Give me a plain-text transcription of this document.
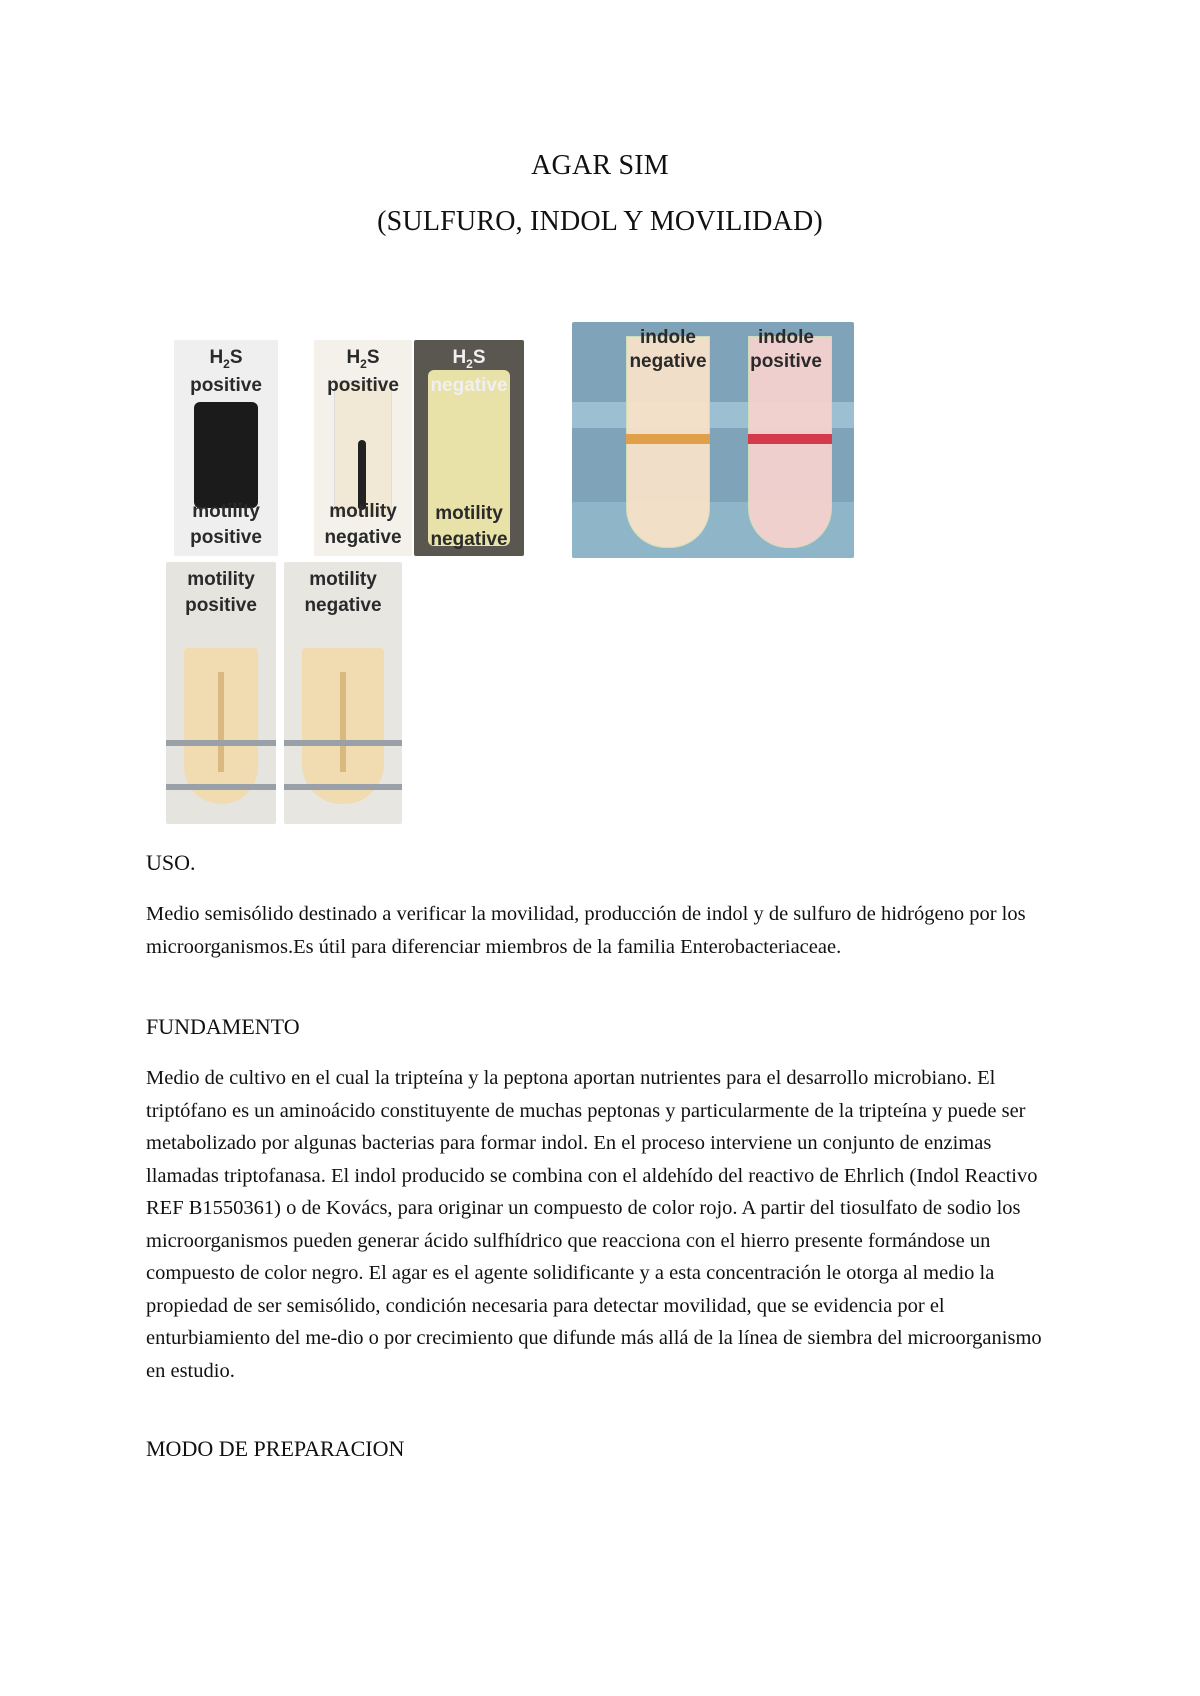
AGAR SIM
(SULFURO, INDOL Y MOVILIDAD)
$H_2S$
positive
motility
positive
$H_2S$
positive
motility
negative
$H_2S$
negative
motility
negative
indole
negative
indole
positive
motility
positive
motility
negative
USO.
Medio semisólido destinado a verificar la movilidad, producción de indol y de sulfuro de hidrógeno por los microorganismos.Es útil para diferenciar miembros de la familia Enterobacteriaceae.
FUNDAMENTO
Medio de cultivo en el cual la tripteína y la peptona aportan nutrientes para el desarrollo microbiano. El triptófano es un aminoácido constituyente de muchas peptonas y particularmente de la tripteína y puede ser metabolizado por algunas bacterias para formar indol. En el proceso interviene un conjunto de enzimas llamadas triptofanasa. El indol producido se combina con el aldehído del reactivo de Ehrlich (Indol Reactivo REF B1550361) o de Kovács, para originar un compuesto de color rojo. A partir del tiosulfato de sodio los microorganismos pueden generar ácido sulfhídrico que reacciona con el hierro presente formándose un compuesto de color negro. El agar es el agente solidificante y a esta concentración le otorga al medio la propiedad de ser semisólido, condición necesaria para detectar movilidad, que se evidencia por el enturbiamiento del me-dio o por crecimiento que difunde más allá de la línea de siembra del microorganismo en estudio.
MODO DE PREPARACION
